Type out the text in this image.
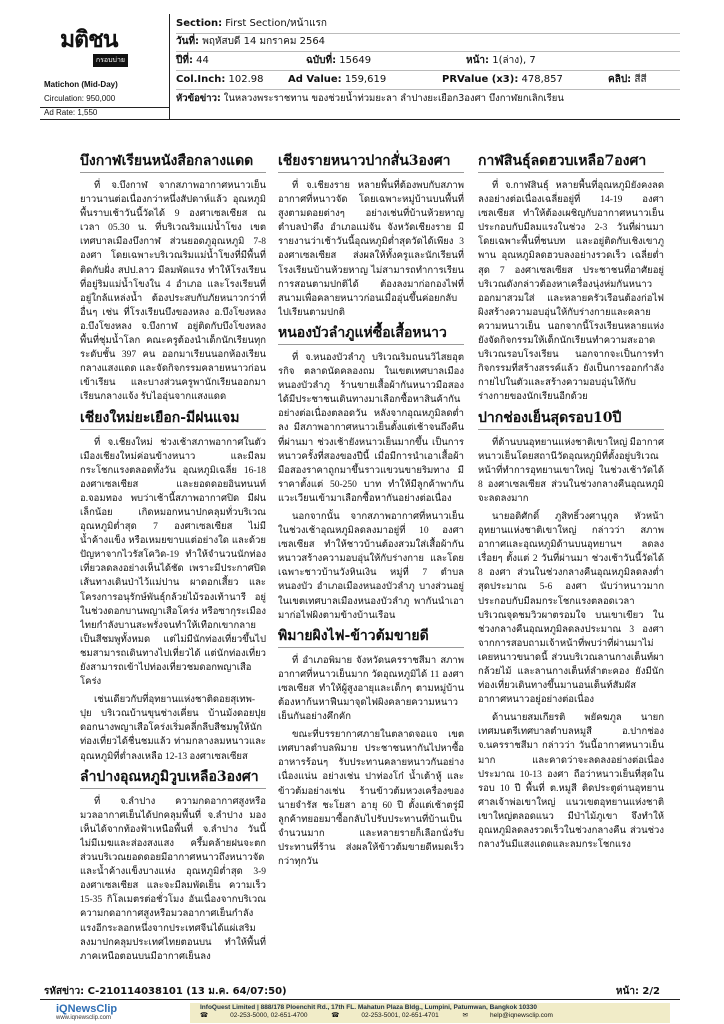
มติชน
กรอบบ่าย
Matichon (Mid-Day)
Circulation: 950,000
Ad Rate: 1,550
Section: First Section/หน้าแรก
วันที่: พฤหัสบดี 14 มกราคม 2564
ปีที่: 44	ฉบับที่: 15649	หน้า: 1(ล่าง), 7
Col.Inch: 102.98 Ad Value: 159,619	PRValue (x3): 478,857	คลิป: สีสี
หัวข้อข่าว: ในหลวงพระราชทาน ของช่วยน้ำท่วมยะลา ลำปางยะเยือก3องศา บึงกาฬยกเลิกเรียน
บึงกาฬเรียนหนังสือกลางแดด

ที่ จ.บึงกาฬ จากสภาพอากาศหนาวเย็นยาวนานต่อเนื่องกว่าหนึ่งสัปดาห์แล้ว อุณหภูมิพื้นราบเช้าวันนี้วัดได้ 9 องศาเซลเซียส ณ เวลา 05.30 น. ที่บริเวณริมแม่น้ำโขง เขตเทศบาลเมืองบึงกาฬ ส่วนยอดภูอุณหภูมิ 7-8 องศา โดยเฉพาะบริเวณริมแม่น้ำโขงที่มีพื้นที่ติดกับฝั่ง สปป.ลาว มีลมพัดแรง ทำให้โรงเรียนที่อยู่ริมแม่น้ำโขงใน 4 อำเภอ และโรงเรียนที่อยู่ใกล้แหล่งน้ำ ต้องประสบกับภัยหนาวกว่าที่อื่นๆ เช่น ที่โรงเรียนบึงของหลง อ.บึงโขงหลง อ.บึงโขงหลง จ.บึงกาฬ อยู่ติดกับบึงโขงหลง พื้นที่ชุ่มน้ำโลก คณะครูต้องนำเด็กนักเรียนทุกระดับชั้น 397 คน ออกมาเรียนนอกห้องเรียนกลางแสงแดด และจัดกิจกรรมคลายหนาวก่อนเข้าเรียน และบางส่วนครูพานักเรียนออกมาเรียนกลางแจ้ง รับไออุ่นจากแสงแดด

เชียงใหม่ยะเยือก-มีฝนแจม

ที่ จ.เชียงใหม่ ช่วงเช้าสภาพอากาศในตัวเมืองเชียงใหม่ค่อนข้างหนาว และมีลมกระโชกแรงตลอดทั้งวัน อุณหภูมิเฉลี่ย 16-18 องศาเซลเซียส และยอดดอยอินทนนท์ อ.จอมทอง พบว่าเช้านี้สภาพอากาศปิด มีฝนเล็กน้อย เกิดหมอกหนาปกคลุมทั่วบริเวณ อุณหภูมิต่ำสุด 7 องศาเซลเซียส ไม่มีน้ำค้างแข็ง หรือเหมยขาบแต่อย่างใด และด้วยปัญหาจากไวรัสโควิด-19 ทำให้จำนวนนักท่องเที่ยวลดลงอย่างเห็นได้ชัด เพราะมีประกาศปิดเส้นทางเดินป่าไว้แม่ปาน ผาดอกเสี้ยว และโครงการอนุรักษ์พันธุ์กล้วยไม้รองเท้านารี อยู่ในช่วงดอกบานพญาเสือโคร่ง หรือซากุระเมืองไทยกำลังบานสะพรั่งจนทำให้เทือกเขากลายเป็นสีชมพูทั้งหมด แต่ไม่มีนักท่องเที่ยวขึ้นไปชมสามารถเดินทางไปเที่ยวได้ แต่นักท่องเที่ยวยังสามารถเข้าไปท่องเที่ยวชมดอกพญาเสือโคร่ง

เช่นเดียวกับที่อุทยานแห่งชาติดอยสุเทพ-ปุย บริเวณบ้านขุนช่างเคี่ยน บ้านม้งดอยปุย ดอกนางพญาเสือโคร่งเริ่มคลี่กลีบสีชมพูให้นักท่องเที่ยวได้ชื่นชมแล้ว ท่ามกลางลมหนาวและอุณหภูมิที่ต่ำลงเหลือ 12-13 องศาเซลเซียส

ลำปางอุณหภูมิวูบเหลือ3องศา

ที่ จ.ลำปาง ความกดอากาศสูงหรือมวลอากาศเย็นได้ปกคลุมพื้นที่ จ.ลำปาง มองเห็นได้จากท้องฟ้าเหนือพื้นที่ จ.ลำปาง วันนี้ไม่มีเมฆและส่องสงแสง ครึ้มคล้ายฝนจะตก ส่วนบริเวณยอดดอยมีอากาศหนาวถึงหนาวจัด และน้ำค้างแข็งบางแห่ง อุณหภูมิต่ำสุด 3-9 องศาเซลเซียส และจะมีลมพัดเย็น ความเร็ว 15-35 กิโลเมตรต่อชั่วโมง อันเนื่องจากบริเวณความกดอากาศสูงหรือมวลอากาศเย็นกำลังแรงอีกระลอกหนึ่งจากประเทศจีนได้แผ่เสริมลงมาปกคลุมประเทศไทยตอนบน ทำให้พื้นที่ภาคเหนือตอนบนมีอากาศเย็นลง

เชียงรายหนาวปากสั่น3องศา

ที่ จ.เชียงราย หลายพื้นที่ต้องพบกับสภาพอากาศที่หนาวจัด โดยเฉพาะหมู่บ้านบนพื้นที่สูงตามดอยต่างๆ อย่างเช่นที่บ้านห้วยหาญ ตำบลป่าตึง อำเภอแม่จัน จังหวัดเชียงราย มีรายงานว่าเช้าวันนี้อุณหภูมิต่ำสุดวัดได้เพียง 3 องศาเซลเซียส ส่งผลให้ทั้งครูและนักเรียนที่โรงเรียนบ้านห้วยหาญ ไม่สามารถทำการเรียนการสอนตามปกติได้ ต้องลงมาก่อกองไฟที่สนามเพื่อคลายหนาวก่อนเมื่ออุ่นขึ้นค่อยกลับไปเรียนตามปกติ

หนองบัวลำภูแห่ซื้อเสื้อหนาว

ที่ จ.หนองบัวลำภู บริเวณริมถนนวิไสยอุตรกิจ ตลาดนัดคลองถม ในเขตเทศบาลเมืองหนองบัวลำภู ร้านขายเสื้อผ้ากันหนาวมือสอง ได้มีประชาชนเดินทางมาเลือกซื้อหาสินค้ากันอย่างต่อเนื่องตลอดวัน หลังจากอุณหภูมิลดต่ำลง มีสภาพอากาศหนาวเย็นตั้งแต่เช้าจนถึงคืนที่ผ่านมา ช่วงเช้ายังหนาวเย็นมากขึ้น เป็นการหนาวครั้งที่สองของปีนี้ เมื่อมีการนำเอาเสื้อผ้ามือสองราคาถูกมาขึ้นราวแขวนขายริมทาง มีราคาตั้งแต่ 50-250 บาท ทำให้มีลูกค้าพากันแวะเวียนเข้ามาเลือกซื้อหากันอย่างต่อเนื่อง

นอกจากนั้น จากสภาพอากาศที่หนาวเย็นในช่วงเช้าอุณหภูมิลดลงมาอยู่ที่ 10 องศาเซลเซียส ทำให้ชาวบ้านต้องสวมใส่เสื้อผ้ากันหนาวสร้างความอบอุ่นให้กับร่างกาย และโดยเฉพาะชาวบ้านวังหินเงิน หมู่ที่ 7 ตำบลหนองบัว อำเภอเมืองหนองบัวลำภู บางส่วนอยู่ในเขตเทศบาลเมืองหนองบัวลำภู พากันนำเอามาก่อไฟผิงตามข้างบ้านเรือน

พิมายผิงไฟ-ข้าวต้มขายดี

ที่ อำเภอพิมาย จังหวัดนครราชสีมา สภาพอากาศที่หนาวเย็นมาก วัดอุณหภูมิได้ 11 องศาเซลเซียส ทำให้ผู้สูงอายุและเด็กๆ ตามหมู่บ้านต้องหาก้นหาฟืนมาจุดไฟผิงคลายความหนาวเย็นกันอย่างคึกคัก

ขณะที่บรรยากาศภายในตลาดจอแจ เขตเทศบาลตำบลพิมาย ประชาชนหากันไปหาซื้ออาหารร้อนๆ รับประทานคลายหนาวกันอย่างเนื่องแน่น อย่างเช่น ปาท่องโก๋ น้ำเต้าหู้ และข้าวต้มอย่างเช่น ร้านข้าวต้มหวงเครื่องของนายจำรัส ชะโยสา อายุ 60 ปี ตั้งแต่เช้าตรู่มีลูกค้าทยอยมาซื้อกลับไปรับประทานที่บ้านเป็นจำนวนมาก และหลายรายก็เลือกนั่งรับประทานที่ร้าน ส่งผลให้ข้าวต้มขายดีหมดเร็วกว่าทุกวัน

กาฬสินธุ์ลดฮวบเหลือ7องศา

ที่ จ.กาฬสินธุ์ หลายพื้นที่อุณหภูมิยังคงลดลงอย่างต่อเนื่องเฉลี่ยอยู่ที่ 14-19 องศาเซลเซียส ทำให้ต้องเผชิญกับอากาศหนาวเย็น ประกอบกับมีลมแรงในช่วง 2-3 วันที่ผ่านมา โดยเฉพาะพื้นที่ชนบท และอยู่ติดกับเชิงเขาภูพาน อุณหภูมิลดฮวบลงอย่างรวดเร็ว เฉลี่ยต่ำสุด 7 องศาเซลเซียส ประชาชนที่อาศัยอยู่บริเวณดังกล่าวต้องหาเครื่องนุ่งห่มกันหนาวออกมาสวมใส่ และหลายครัวเรือนต้องก่อไฟผิงสร้างความอบอุ่นให้กับร่างกายและคลายความหนาวเย็น นอกจากนี้โรงเรียนหลายแห่งยังจัดกิจกรรมให้เด็กนักเรียนทำความสะอาดบริเวณรอบโรงเรียน นอกจากจะเป็นการทำกิจกรรมที่สร้างสรรค์แล้ว ยังเป็นการออกกำลังกายไปในตัวและสร้างความอบอุ่นให้กับร่างกายของนักเรียนอีกด้วย

ปากช่องเย็นสุดรอบ10ปี

ที่ด้านบนอุทยานแห่งชาติเขาใหญ่ มีอากาศหนาวเย็นโดยสถานีวัดอุณหภูมิที่ตั้งอยู่บริเวณหน้าที่ทำการอุทยานเขาใหญ่ ในช่วงเช้าวัดได้ 8 องศาเซลเซียส ส่วนในช่วงกลางคืนอุณหภูมิจะลดลงมาก

นายอดิศักดิ์ ภูสิทธิ์วงศานุกูล หัวหน้าอุทยานแห่งชาติเขาใหญ่ กล่าวว่า สภาพอากาศและอุณหภูมิด้านบนอุทยานฯ ลดลงเรื่อยๆ ตั้งแต่ 2 วันที่ผ่านมา ช่วงเช้าวันนี้วัดได้ 8 องศา ส่วนในช่วงกลางคืนอุณหภูมิลดลงต่ำสุดประมาณ 5-6 องศา นับว่าหนาวมาก ประกอบกับมีลมกระโชกแรงตลอดเวลา บริเวณจุดชมวิวผาตรอมใจ บนเขาเขียว ในช่วงกลางคืนอุณหภูมิลดลงประมาณ 3 องศา จากการสอบถามเจ้าหน้าที่พบว่าที่ผ่านมาไม่เคยหนาวขนาดนี้ ส่วนบริเวณลานกางเต็นท์ผากล้วยไม้ และลานกางเต็นท์ลำตะคอง ยังมีนักท่องเที่ยวเดินทางขึ้นมานอนเต็นท์สัมผัสอากาศหนาวอยู่อย่างต่อเนื่อง

ด้านนายสมเกียรติ พยัคฆภูล นายกเทศมนตรีเทศบาลตำบลหมูสี อ.ปากช่อง จ.นครราชสีมา กล่าวว่า วันนี้อากาศหนาวเย็นมาก และคาดว่าจะลดลงอย่างต่อเนื่องประมาณ 10-13 องศา ถือว่าหนาวเย็นที่สุดในรอบ 10 ปี พื้นที่ ต.หมูสี ติดประตูด่านอุทยานศาลเจ้าพ่อเขาใหญ่ แนวเขตอุทยานแห่งชาติเขาใหญ่ตลอดแนว มีป่าไม้ภูเขา จึงทำให้อุณหภูมิลดลงรวดเร็วในช่วงกลางคืน ส่วนช่วงกลางวันมีแสงแดดและลมกระโชกแรง

รหัสข่าว: C-210114038101 (13 ม.ค. 64/07:50)	หน้า: 2/2
iQNewsClip
www.iqnewsclip.com
InfoQuest Limited | 888/178 Ploenchit Rd., 17th FL. Mahatun Plaza Bldg., Lumpini, Patumwan, Bangkok 10330
☎	02-253-5000, 02-651-4700	☎	02-253-5001, 02-651-4701	✉	help@iqnewsclip.com
